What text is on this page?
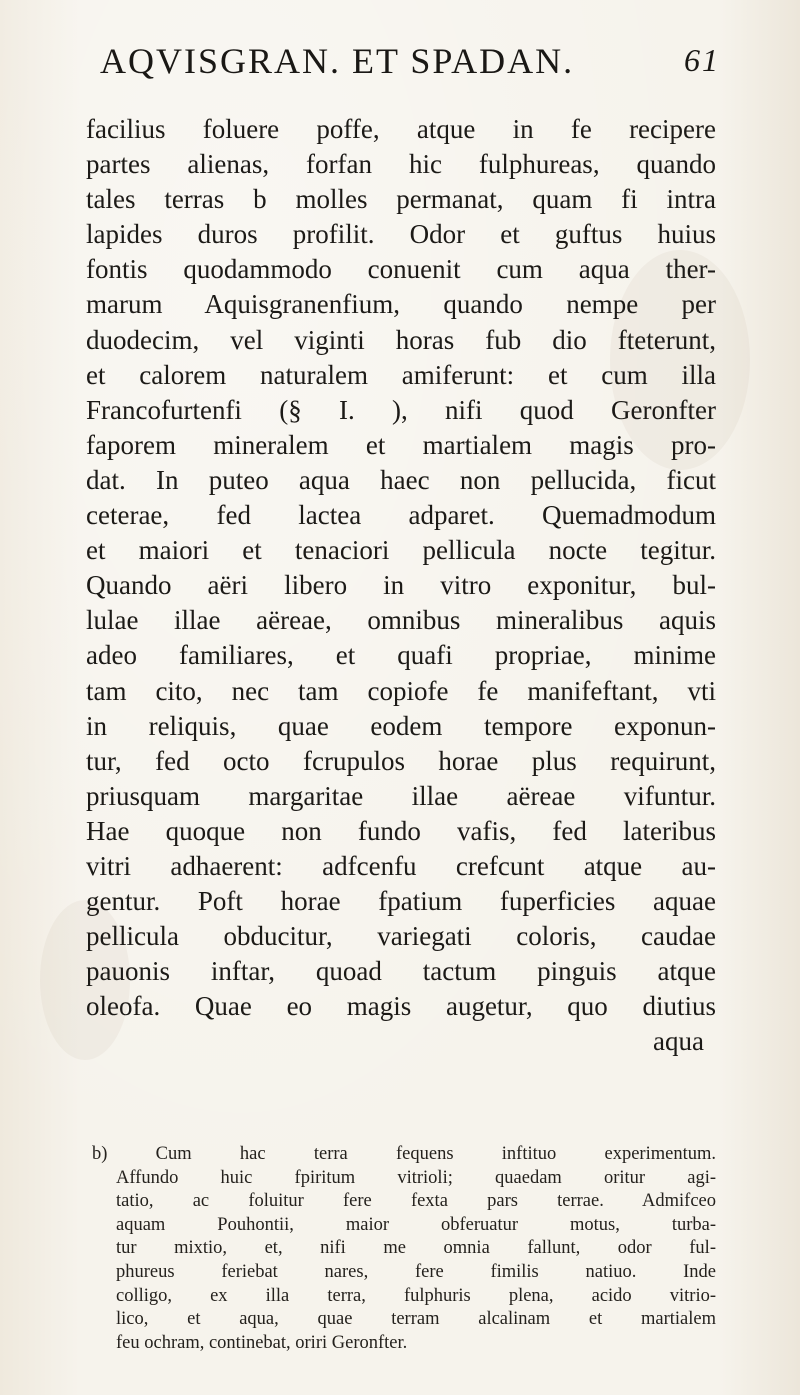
AQVISGRAN. ET SPADAN.	61
facilius foluere poffe, atque in fe recipere
partes alienas, forfan hic fulphureas, quando
tales terras b molles permanat, quam fi intra
lapides duros profilit. Odor et guftus huius
fontis quodammodo conuenit cum aqua ther-
marum Aquisgranenfium, quando nempe per
duodecim, vel viginti horas fub dio fteterunt,
et calorem naturalem amiferunt: et cum illa
Francofurtenfi (§ I. ), nifi quod Geronfter
faporem mineralem et martialem magis pro-
dat. In puteo aqua haec non pellucida, ficut
ceterae, fed lactea adparet. Quemadmodum
et maiori et tenaciori pellicula nocte tegitur.
Quando aëri libero in vitro exponitur, bul-
lulae illae aëreae, omnibus mineralibus aquis
adeo familiares, et quafi propriae, minime
tam cito, nec tam copiofe fe manifeftant, vti
in reliquis, quae eodem tempore exponun-
tur, fed octo fcrupulos horae plus requirunt,
priusquam margaritae illae aëreae vifuntur.
Hae quoque non fundo vafis, fed lateribus
vitri adhaerent: adfcenfu crefcunt atque au-
gentur. Poft horae fpatium fuperficies aquae
pellicula obducitur, variegati coloris, caudae
pauonis inftar, quoad tactum pinguis atque
oleofa. Quae eo magis augetur, quo diutius
aqua
b) Cum hac terra fequens inftituo experimentum.
Affundo huic fpiritum vitrioli; quaedam oritur agi-
tatio, ac foluitur fere fexta pars terrae. Admifceo
aquam Pouhontii, maior obferuatur motus, turba-
tur mixtio, et, nifi me omnia fallunt, odor ful-
phureus feriebat nares, fere fimilis natiuo. Inde
colligo, ex illa terra, fulphuris plena, acido vitrio-
lico, et aqua, quae terram alcalinam et martialem
feu ochram, continebat, oriri Geronfter.
